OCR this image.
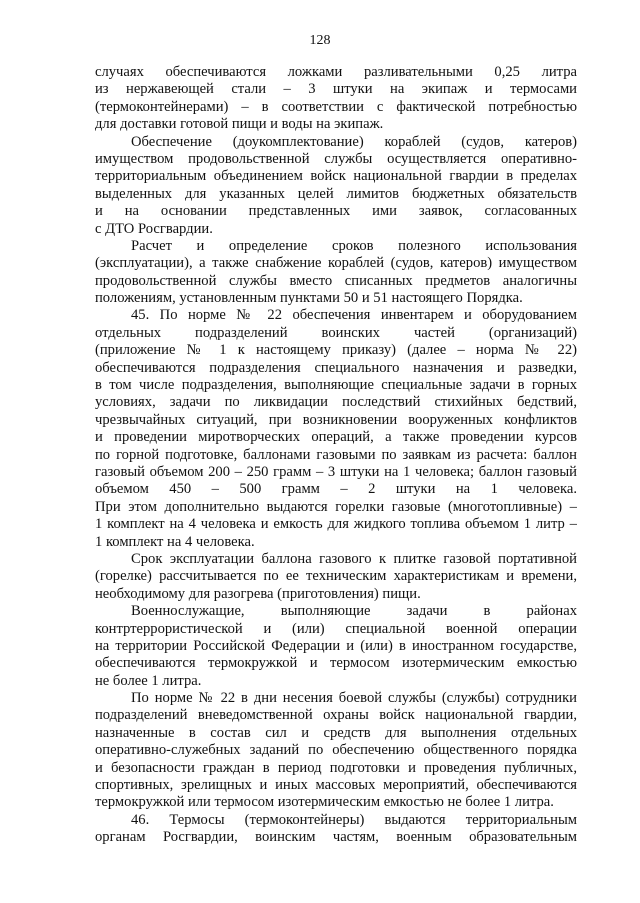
128
случаях обеспечиваются ложками разливательными 0,25 литра
из нержавеющей стали – 3 штуки на экипаж и термосами
(термоконтейнерами) – в соответствии с фактической потребностью
для доставки готовой пищи и воды на экипаж.
Обеспечение (доукомплектование) кораблей (судов, катеров)
имуществом продовольственной службы осуществляется оперативно-
территориальным объединением войск национальной гвардии в пределах
выделенных для указанных целей лимитов бюджетных обязательств
и на основании представленных ими заявок, согласованных
с ДТО Росгвардии.
Расчет и определение сроков полезного использования
(эксплуатации), а также снабжение кораблей (судов, катеров) имуществом
продовольственной службы вместо списанных предметов аналогичны
положениям, установленным пунктами 50 и 51 настоящего Порядка.
45. По норме № 22 обеспечения инвентарем и оборудованием
отдельных подразделений воинских частей (организаций)
(приложение № 1 к настоящему приказу) (далее – норма № 22)
обеспечиваются подразделения специального назначения и разведки,
в том числе подразделения, выполняющие специальные задачи в горных
условиях, задачи по ликвидации последствий стихийных бедствий,
чрезвычайных ситуаций, при возникновении вооруженных конфликтов
и проведении миротворческих операций, а также проведении курсов
по горной подготовке, баллонами газовыми по заявкам из расчета: баллон
газовый объемом 200 – 250 грамм – 3 штуки на 1 человека; баллон газовый
объемом 450 – 500 грамм – 2 штуки на 1 человека.
При этом дополнительно выдаются горелки газовые (многотопливные) –
1 комплект на 4 человека и емкость для жидкого топлива объемом 1 литр –
1 комплект на 4 человека.
Срок эксплуатации баллона газового к плитке газовой портативной
(горелке) рассчитывается по ее техническим характеристикам и времени,
необходимому для разогрева (приготовления) пищи.
Военнослужащие, выполняющие задачи в районах
контртеррористической и (или) специальной военной операции
на территории Российской Федерации и (или) в иностранном государстве,
обеспечиваются термокружкой и термосом изотермическим емкостью
не более 1 литра.
По норме № 22 в дни несения боевой службы (службы) сотрудники
подразделений вневедомственной охраны войск национальной гвардии,
назначенные в состав сил и средств для выполнения отдельных
оперативно-служебных заданий по обеспечению общественного порядка
и безопасности граждан в период подготовки и проведения публичных,
спортивных, зрелищных и иных массовых мероприятий, обеспечиваются
термокружкой или термосом изотермическим емкостью не более 1 литра.
46. Термосы (термоконтейнеры) выдаются территориальным
органам Росгвардии, воинским частям, военным образовательным
